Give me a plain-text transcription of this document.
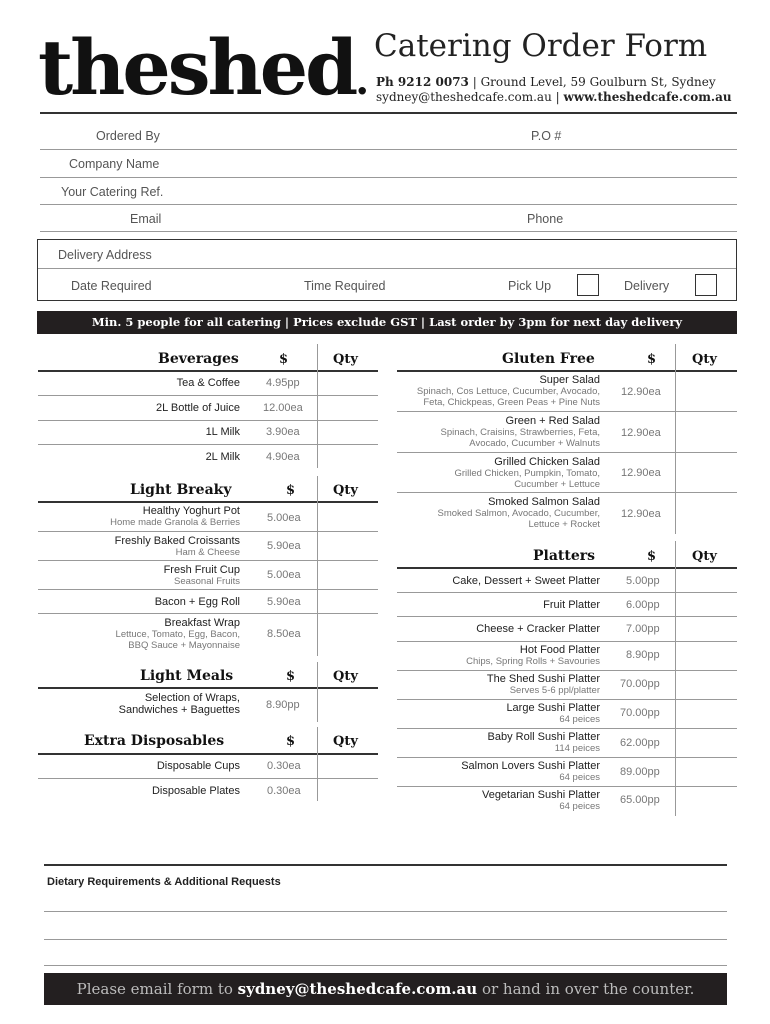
theshed.
Catering Order Form
Ph 9212 0073 | Ground Level, 59 Goulburn St, Sydney
sydney@theshedcafe.com.au | www.theshedcafe.com.au
Ordered By	P.O #
Company Name
Your Catering Ref.
Email	Phone
Delivery Address
Date Required	Time Required	Pick Up	Delivery
Min. 5 people for all catering | Prices exclude GST | Last order by 3pm for next day delivery
Beverages	$	Qty
Tea & Coffee 4.95pp
2L Bottle of Juice 12.00ea
1L Milk 3.90ea
2L Milk 4.90ea
Light Breaky	$	Qty
Healthy Yoghurt Pot
Home made Granola & Berries 5.00ea
Freshly Baked Croissants
Ham & Cheese
5.90ea
Fresh Fruit Cup
Seasonal Fruits
5.00ea
Bacon + Egg Roll 5.90ea
Breakfast Wrap
Lettuce, Tomato, Egg, Bacon,
BBQ Sauce + Mayonnaise
8.50ea
Light Meals	$	Qty
Selection of Wraps,
Sandwiches + Baguettes 8.90pp
Extra Disposables	$	Qty
Disposable Cups 0.30ea
Disposable Plates 0.30ea
Gluten Free	$	Qty
Super Salad
Spinach, Cos Lettuce, Cucumber, Avocado,
Feta, Chickpeas, Green Peas + Pine Nuts
12.90ea
Green + Red Salad
Spinach, Craisins, Strawberries, Feta,
Avocado, Cucumber + Walnuts
12.90ea
Grilled Chicken Salad
Grilled Chicken, Pumpkin, Tomato,
Cucumber + Lettuce
12.90ea
Smoked Salmon Salad
Smoked Salmon, Avocado, Cucumber,
Lettuce + Rocket
12.90ea
Platters	$	Qty
Cake, Dessert + Sweet Platter 5.00pp
Fruit Platter 6.00pp
Cheese + Cracker Platter 7.00pp
Hot Food Platter
Chips, Spring Rolls + Savouries
8.90pp
The Shed Sushi Platter
Serves 5-6 ppl/platter
70.00pp
Large Sushi Platter
64 peices
70.00pp
Baby Roll Sushi Platter
114 peices 62.00pp
Salmon Lovers Sushi Platter
64 peices 89.00pp
Vegetarian Sushi Platter
64 peices
65.00pp
Dietary Requirements & Additional Requests
Please email form to sydney@theshedcafe.com.au or hand in over the counter.
